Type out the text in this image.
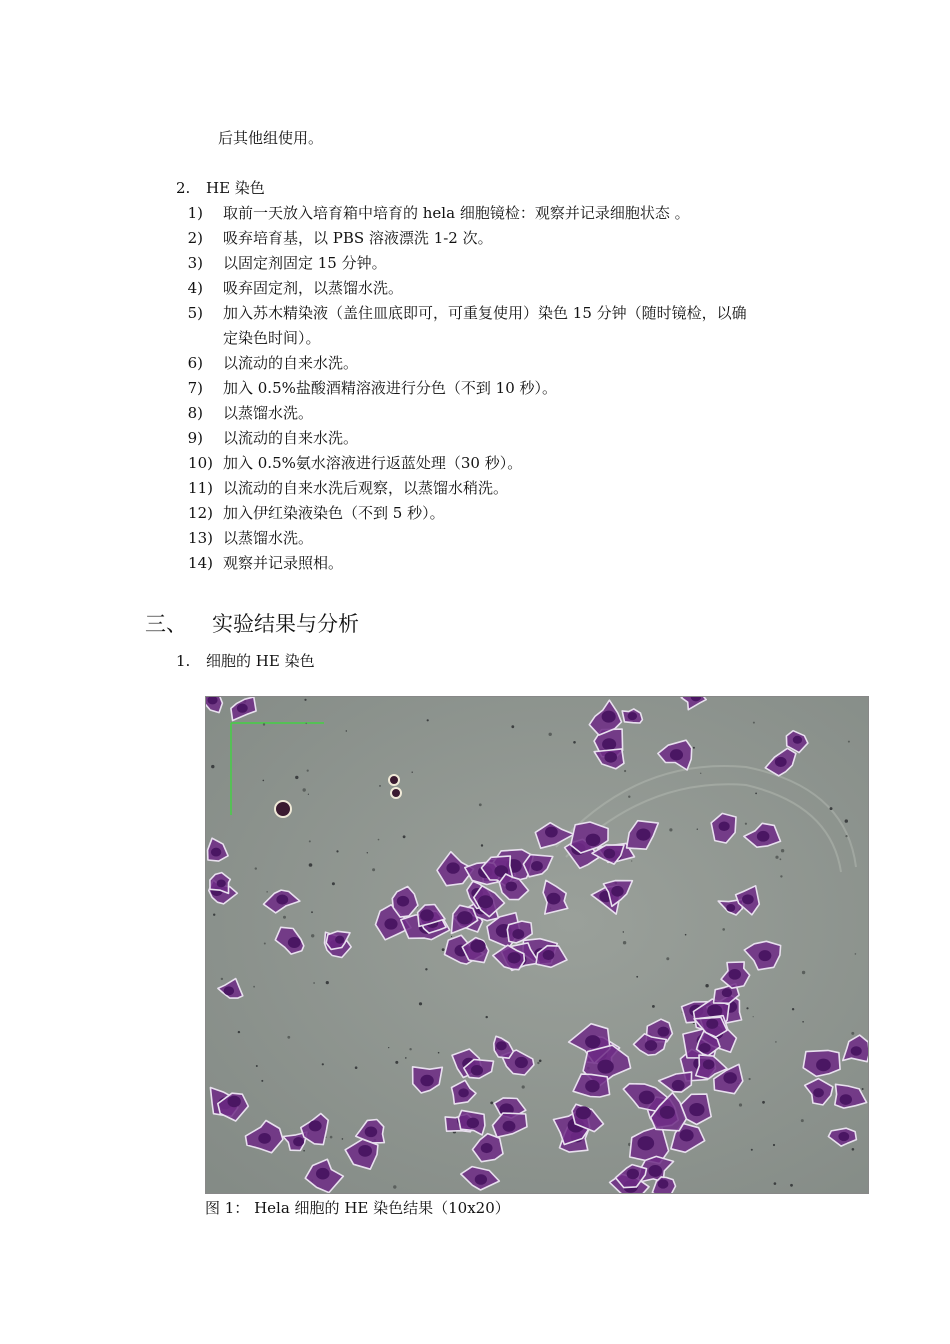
后其他组使用。
2. HE 染色
1) 取前一天放入培育箱中培育的 hela 细胞镜检：观察并记录细胞状态 。
2) 吸弃培育基，以 PBS 溶液漂洗 1-2 次。
3) 以固定剂固定 15 分钟。
4) 吸弃固定剂，以蒸馏水洗。
5) 加入苏木精染液（盖住皿底即可，可重复使用）染色 15 分钟（随时镜检，以确
定染色时间）。
6) 以流动的自来水洗。
7) 加入 0.5%盐酸酒精溶液进行分色（不到 10 秒）。
8) 以蒸馏水洗。
9) 以流动的自来水洗。
10) 加入 0.5%氨水溶液进行返蓝处理（30 秒）。
11) 以流动的自来水洗后观察，以蒸馏水稍洗。
12) 加入伊红染液染色（不到 5 秒）。
13) 以蒸馏水洗。
14) 观察并记录照相。
三、 实验结果与分析
1. 细胞的 HE 染色
图 1： Hela 细胞的 HE 染色结果（10x20）
